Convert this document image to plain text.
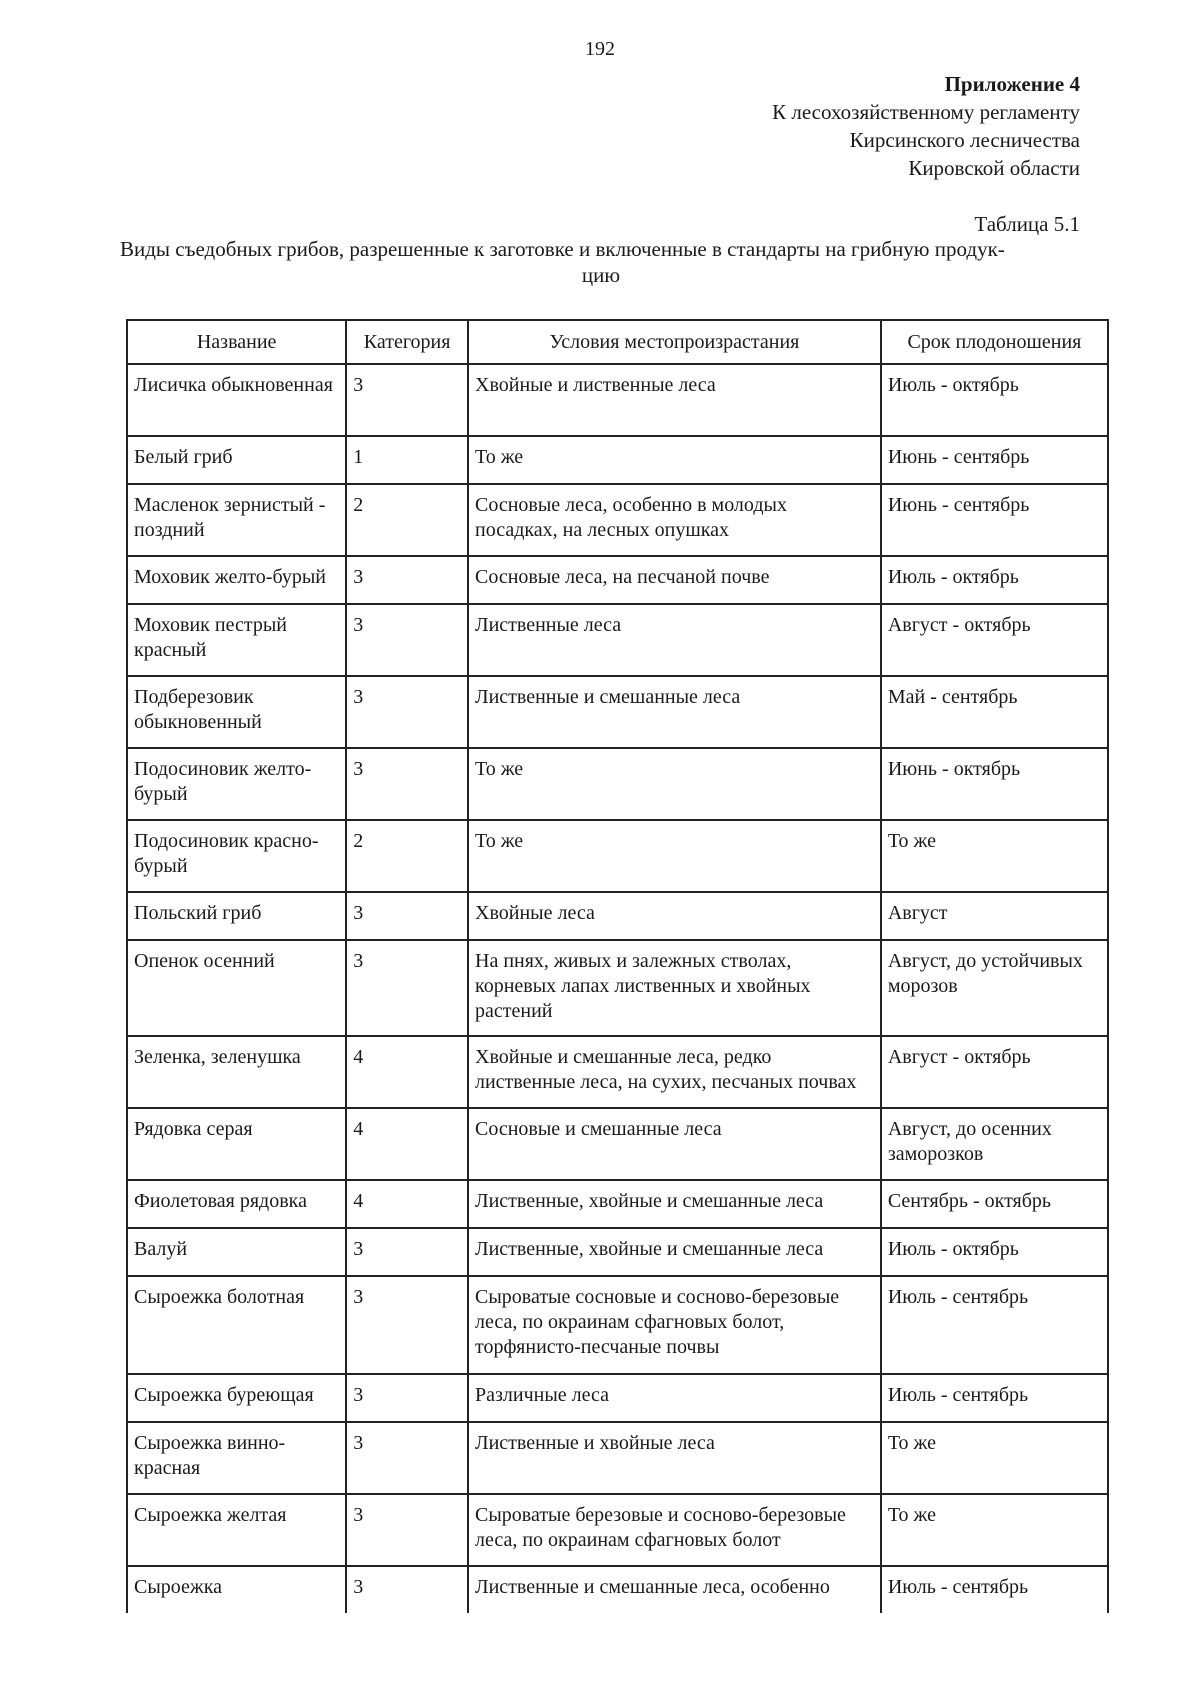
192
Приложение 4
К лесохозяйственному регламенту
Кирсинского лесничества
Кировской области
Таблица 5.1
Виды съедобных грибов, разрешенные к заготовке и включенные в стандарты на грибную продук-
цию
Название	Категория	Условия местопроизрастания	Срок плодоношения
Лисичка обыкновенная	3	Хвойные и лиственные леса	Июль - октябрь
Белый гриб	1	То же	Июнь - сентябрь
Масленок зернистый - поздний	2	Сосновые леса, особенно в молодых посадках, на лесных опушках	Июнь - сентябрь
Моховик желто-бурый	3	Сосновые леса, на песчаной почве	Июль - октябрь
Моховик пестрый красный	3	Лиственные леса	Август - октябрь
Подберезовик обыкновенный	3	Лиственные и смешанные леса	Май - сентябрь
Подосиновик желто-бурый	3	То же	Июнь - октябрь
Подосиновик красно-бурый	2	То же	То же
Польский гриб	3	Хвойные леса	Август
Опенок осенний	3	На пнях, живых и залежных стволах, корневых лапах лиственных и хвойных растений	Август, до устойчивых морозов
Зеленка, зеленушка	4	Хвойные и смешанные леса, редко лиственные леса, на сухих, песчаных почвах	Август - октябрь
Рядовка серая	4	Сосновые и смешанные леса	Август, до осенних заморозков
Фиолетовая рядовка	4	Лиственные, хвойные и смешанные леса	Сентябрь - октябрь
Валуй	3	Лиственные, хвойные и смешанные леса	Июль - октябрь
Сыроежка болотная	3	Сыроватые сосновые и сосново-березовые леса, по окраинам сфагновых болот, торфянисто-песчаные почвы	Июль - сентябрь
Сыроежка буреющая	3	Различные леса	Июль - сентябрь
Сыроежка винно-красная	3	Лиственные и хвойные леса	То же
Сыроежка желтая	3	Сыроватые березовые и сосново-березовые леса, по окраинам сфагновых болот	То же
Сыроежка	3	Лиственные и смешанные леса, особенно	Июль - сентябрь
